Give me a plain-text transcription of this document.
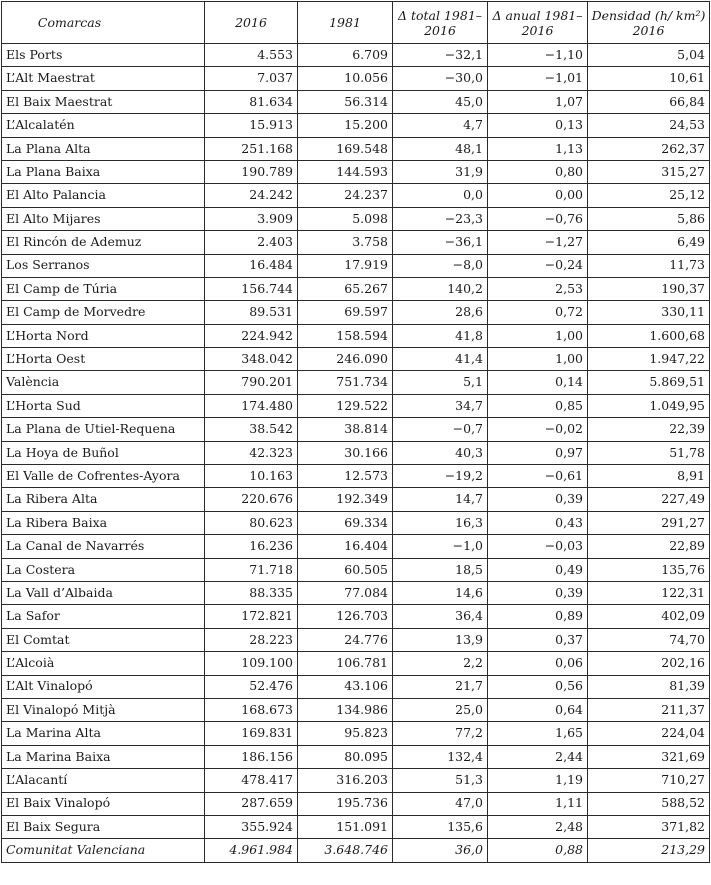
Comarcas	2016	1981	Δ total 1981–2016	Δ anual 1981–2016	Densidad (h/ km²) 2016
Els Ports	4.553	6.709	−32,1	−1,10	5,04
L’Alt Maestrat	7.037	10.056	−30,0	−1,01	10,61
El Baix Maestrat	81.634	56.314	45,0	1,07	66,84
L’Alcalatén	15.913	15.200	4,7	0,13	24,53
La Plana Alta	251.168	169.548	48,1	1,13	262,37
La Plana Baixa	190.789	144.593	31,9	0,80	315,27
El Alto Palancia	24.242	24.237	0,0	0,00	25,12
El Alto Mijares	3.909	5.098	−23,3	−0,76	5,86
El Rincón de Ademuz	2.403	3.758	−36,1	−1,27	6,49
Los Serranos	16.484	17.919	−8,0	−0,24	11,73
El Camp de Túria	156.744	65.267	140,2	2,53	190,37
El Camp de Morvedre	89.531	69.597	28,6	0,72	330,11
L’Horta Nord	224.942	158.594	41,8	1,00	1.600,68
L’Horta Oest	348.042	246.090	41,4	1,00	1.947,22
València	790.201	751.734	5,1	0,14	5.869,51
L’Horta Sud	174.480	129.522	34,7	0,85	1.049,95
La Plana de Utiel-Requena	38.542	38.814	−0,7	−0,02	22,39
La Hoya de Buñol	42.323	30.166	40,3	0,97	51,78
El Valle de Cofrentes-Ayora	10.163	12.573	−19,2	−0,61	8,91
La Ribera Alta	220.676	192.349	14,7	0,39	227,49
La Ribera Baixa	80.623	69.334	16,3	0,43	291,27
La Canal de Navarrés	16.236	16.404	−1,0	−0,03	22,89
La Costera	71.718	60.505	18,5	0,49	135,76
La Vall d’Albaida	88.335	77.084	14,6	0,39	122,31
La Safor	172.821	126.703	36,4	0,89	402,09
El Comtat	28.223	24.776	13,9	0,37	74,70
L’Alcoià	109.100	106.781	2,2	0,06	202,16
L’Alt Vinalopó	52.476	43.106	21,7	0,56	81,39
El Vinalopó Mitjà	168.673	134.986	25,0	0,64	211,37
La Marina Alta	169.831	95.823	77,2	1,65	224,04
La Marina Baixa	186.156	80.095	132,4	2,44	321,69
L’Alacantí	478.417	316.203	51,3	1,19	710,27
El Baix Vinalopó	287.659	195.736	47,0	1,11	588,52
El Baix Segura	355.924	151.091	135,6	2,48	371,82
Comunitat Valenciana	4.961.984	3.648.746	36,0	0,88	213,29
